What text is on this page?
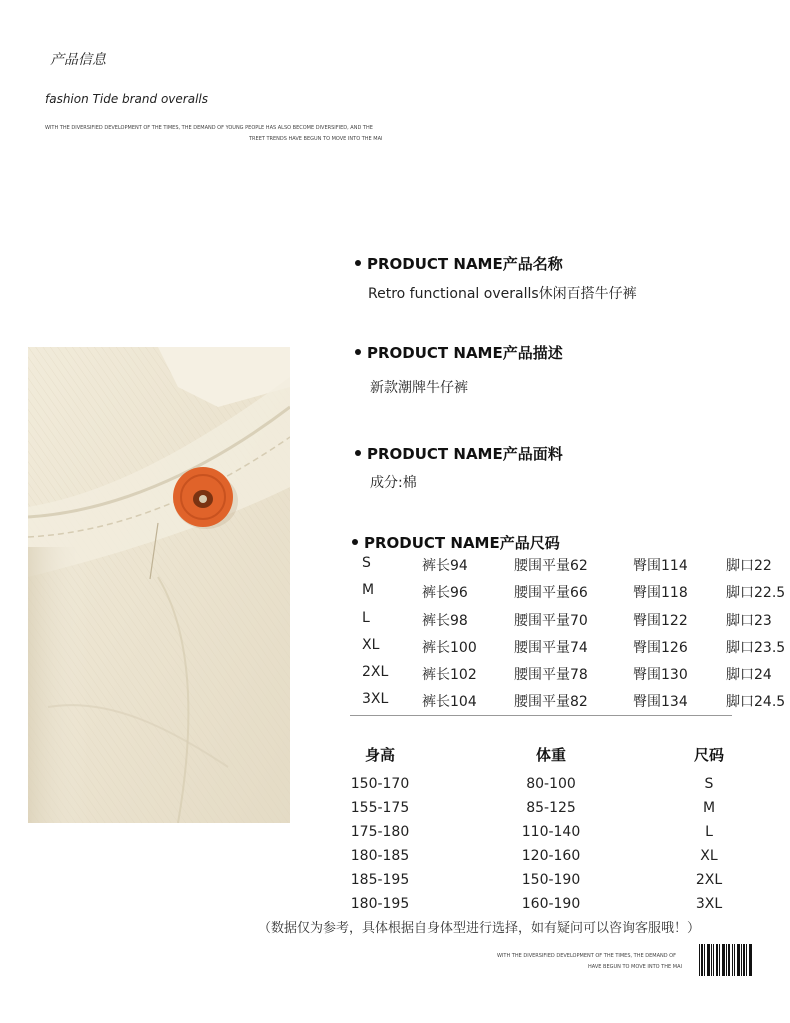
产品信息
fashion Tide brand overalls
WITH THE DIVERSIFIED DEVELOPMENT OF THE TIMES, THE DEMAND OF YOUNG PEOPLE HAS ALSO BECOME DIVERSIFIED, AND THE
TREET TRENDS HAVE BEGUN TO MOVE INTO THE MAI
PRODUCT NAME产品名称
Retro functional overalls休闲百搭牛仔裤
PRODUCT NAME产品描述
新款潮牌牛仔裤
PRODUCT NAME产品面料
成分:棉
PRODUCT NAME产品尺码
S	裤长94	腰围平量62	臀围114	脚口22
M	裤长96	腰围平量66	臀围118	脚口22.5
L	裤长98	腰围平量70	臀围122	脚口23
XL	裤长100	腰围平量74	臀围126	脚口23.5
2XL 裤长102	腰围平量78	臀围130	脚口24
3XL 裤长104	腰围平量82	臀围134	脚口24.5
身高	体重	尺码
150-170	80-100	S
155-175	85-125	M
175-180	110-140	L
180-185	120-160	XL
185-195	150-190	2XL
180-195	160-190	3XL
（数据仅为参考，具体根据自身体型进行选择，如有疑问可以咨询客服哦！）
WITH THE DIVERSIFIED DEVELOPMENT OF THE TIMES, THE DEMAND OF
HAVE BEGUN TO MOVE INTO THE MAI
